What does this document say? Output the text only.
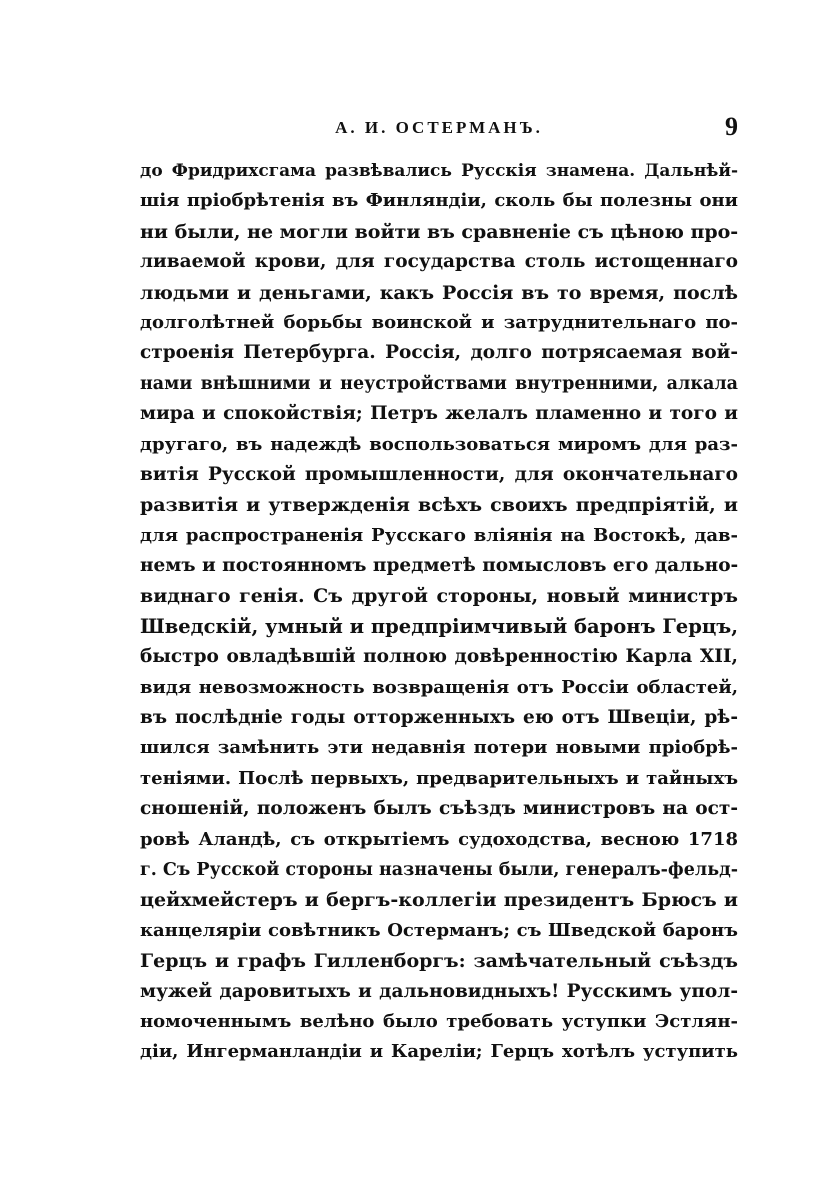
А. И. ОСТЕРМАНЪ.	9
до Фридрихсгама развѣвались Русскія знамена. Дальнѣй-
шія пріобрѣтенія въ Финляндіи, сколь бы полезны они
ни были, не могли войти въ сравненіе съ цѣною про-
ливаемой крови, для государства столь истощеннаго
людьми и деньгами, какъ Россія въ то время, послѣ
долголѣтней борьбы воинской и затруднительнаго по-
строенія Петербурга. Россія, долго потрясаемая вой-
нами внѣшними и неустройствами внутренними, алкала
мира и спокойствія; Петръ желалъ пламенно и того и
другаго, въ надеждѣ воспользоваться миромъ для раз-
витія Русской промышленности, для окончательнаго
развитія и утвержденія всѣхъ своихъ предпріятій, и
для распространенія Русскаго вліянія на Востокѣ, дав-
немъ и постоянномъ предметѣ помысловъ его дально-
виднаго генія. Съ другой стороны, новый министръ
Шведскій, умный и предпріимчивый баронъ Герцъ,
быстро овладѣвшій полною довѣренностію Карла XII,
видя невозможность возвращенія отъ Россіи областей,
въ послѣдніе годы отторженныхъ ею отъ Швеціи, рѣ-
шился замѣнить эти недавнія потери новыми пріобрѣ-
теніями. Послѣ первыхъ, предварительныхъ и тайныхъ
сношеній, положенъ былъ съѣздъ министровъ на ост-
ровѣ Аландѣ, съ открытіемъ судоходства, весною 1718
г. Съ Русской стороны назначены были, генералъ-фельд-
цейхмейстеръ и бергъ-коллегіи президентъ Брюсъ и
канцеляріи совѣтникъ Остерманъ; съ Шведской баронъ
Герцъ и графъ Гилленборгъ: замѣчательный съѣздъ
мужей даровитыхъ и дальновидныхъ! Русскимъ упол-
номоченнымъ велѣно было требовать уступки Эстлян-
діи, Ингерманландіи и Кареліи; Герцъ хотѣлъ уступить
